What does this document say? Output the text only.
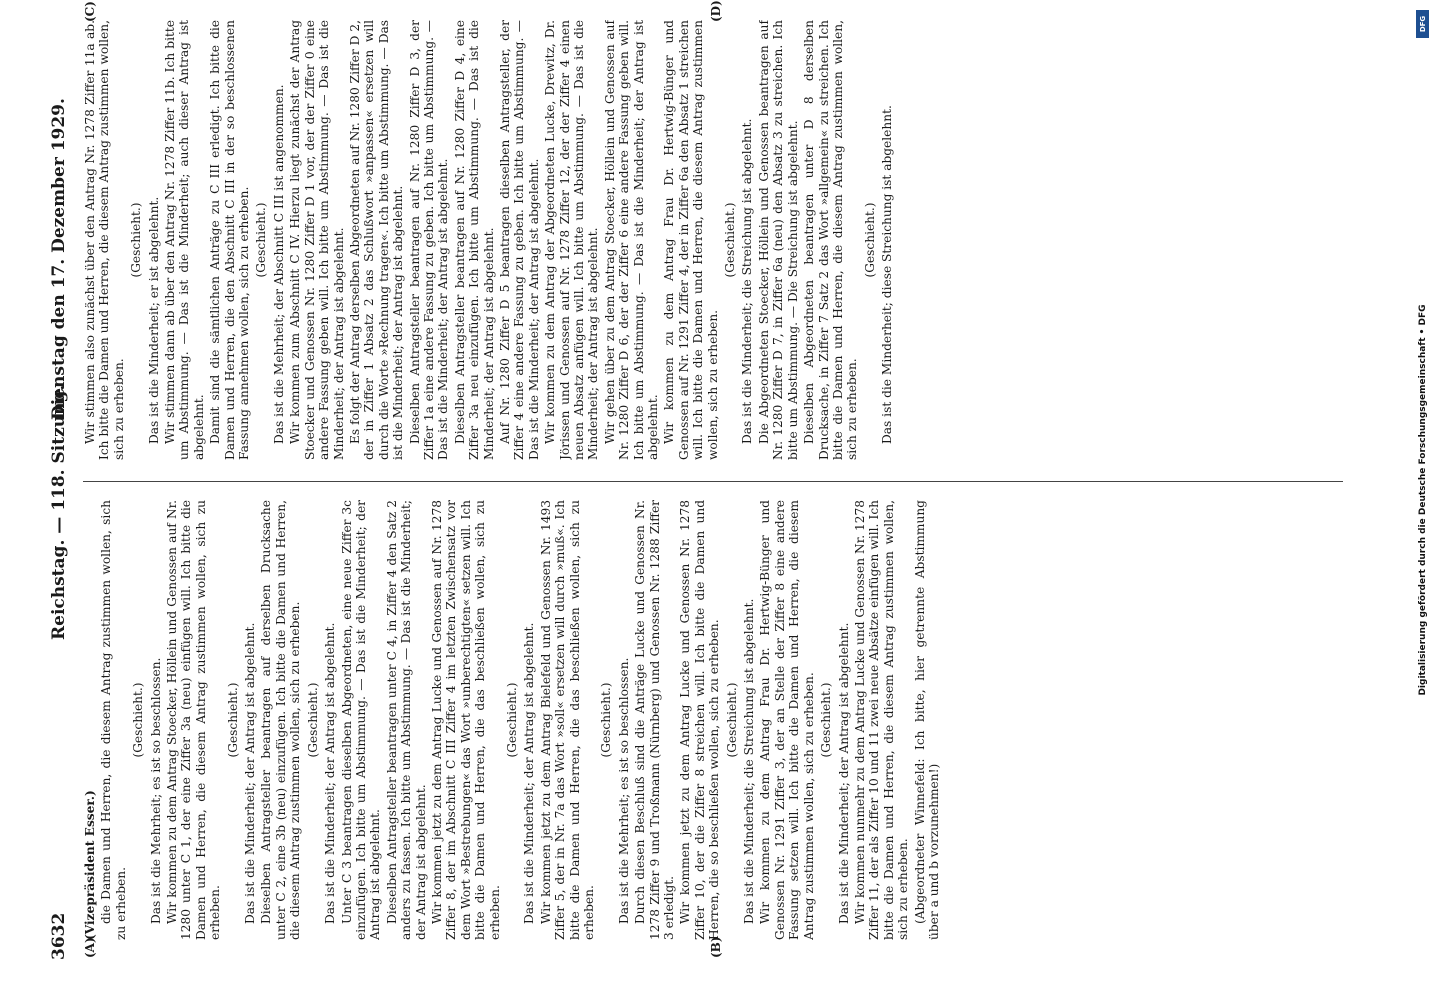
3632
Reichstag. — 118. Sitzung.
Dienstag den 17. Dezember 1929.

(Vizepräsident Esser.) die Damen und Herren, die diesem Antrag zustimmen wollen, sich zu erheben.

(Geschieht.) Das ist die Mehrheit; es ist so beschlossen. Wir kommen zu dem Antrag Stoecker, Höllein und Genossen auf Nr. 1280 unter C 1, der eine Ziffer 3a (neu) einfügen will. Ich bitte die Damen und Herren, die diesem Antrag zustimmen wollen, sich zu erheben.

(Geschieht.) Das ist die Minderheit; der Antrag ist abgelehnt. Dieselben Antragsteller beantragen auf derselben Drucksache unter C 2, eine 3b (neu) einzufügen. Ich bitte die Damen und Herren, die diesem Antrag zustimmen wollen, sich zu erheben. (Geschieht.) Das ist die Minderheit; der Antrag ist abgelehnt. Unter C 3 beantragen dieselben Abgeordneten, eine neue Ziffer 3c einzufügen. Ich bitte um Abstimmung. — Das ist die Minderheit; der Antrag ist abgelehnt. Dieselben Antragsteller beantragen unter C 4, in Ziffer 4 den Satz 2 anders zu fassen. Ich bitte um Abstimmung. — Das ist die Minderheit; der Antrag ist abgelehnt. Wir kommen jetzt zu dem Antrag Lucke und Genossen auf Nr. 1278 Ziffer 8, der im Abschnitt C III Ziffer 4 im letzten Zwischensatz vor dem Wort »Bestrebungen« das Wort »unberechtigten« setzen will. Ich bitte die Damen und Herren, die das beschließen wollen, sich zu erheben.

(Geschieht.) Das ist die Minderheit; der Antrag ist abgelehnt. Wir kommen jetzt zu dem Antrag Bielefeld und Genossen Nr. 1493 Ziffer 5, der in Nr. 7a das Wort »soll« ersetzen will durch »muß«. Ich bitte die Damen und Herren, die das beschließen wollen, sich zu erheben.

(Geschieht.) Das ist die Mehrheit; es ist so beschlossen. Durch diesen Beschluß sind die Anträge Lucke und Genossen Nr. 1278 Ziffer 9 und Troßmann (Nürnberg) und Genossen Nr. 1288 Ziffer 3 erledigt. Wir kommen jetzt zu dem Antrag Lucke und Genossen Nr. 1278 Ziffer 10, der die Ziffer 8 streichen will. Ich bitte die Damen und Herren, die so beschließen wollen, sich zu erheben. (Geschieht.) Das ist die Minderheit; die Streichung ist abgelehnt. Wir kommen zu dem Antrag Frau Dr. Hertwig-Bünger und Genossen Nr. 1291 Ziffer 3, der an Stelle der Ziffer 8 eine andere Fassung setzen will. Ich bitte die Damen und Herren, die diesem Antrag zustimmen wollen, sich zu erheben. (Geschieht.) Das ist die Minderheit; der Antrag ist abgelehnt. Wir kommen nunmehr zu dem Antrag Lucke und Genossen Nr. 1278 Ziffer 11, der als Ziffer 10 und 11 zwei neue Absätze einfügen will. Ich bitte die Damen und Herren, die diesem Antrag zustimmen wollen, sich zu erheben. (Abgeordneter Winnefeld: Ich bitte, hier getrennte Abstimmung über a und b vorzunehmen!)

Wir stimmen also zunächst über den Antrag Nr. 1278 Ziffer 11a ab. Ich bitte die Damen und Herren, die diesem Antrag zustimmen wollen, sich zu erheben.

(Geschieht.) Das ist die Minderheit; er ist abgelehnt. Wir stimmen dann ab über den Antrag Nr. 1278 Ziffer 11b. Ich bitte um Abstimmung. — Das ist die Minderheit; auch dieser Antrag ist abgelehnt. Damit sind die sämtlichen Anträge zu C III erledigt. Ich bitte die Damen und Herren, die den Abschnitt C III in der so beschlossenen Fassung annehmen wollen, sich zu erheben. (Geschieht.) Das ist die Mehrheit; der Abschnitt C III ist angenommen. Wir kommen zum Abschnitt C IV. Hierzu liegt zunächst der Antrag Stoecker und Genossen Nr. 1280 Ziffer D 1 vor, der der Ziffer 0 eine andere Fassung geben will. Ich bitte um Abstimmung. — Das ist die Minderheit; der Antrag ist abgelehnt. Es folgt der Antrag derselben Abgeordneten auf Nr. 1280 Ziffer D 2, der in Ziffer 1 Absatz 2 das Schlußwort »anpassen« ersetzen will durch die Worte »Rechnung tragen«. Ich bitte um Abstimmung. — Das ist die Minderheit; der Antrag ist abgelehnt. Dieselben Antragsteller beantragen auf Nr. 1280 Ziffer D 3, der Ziffer 1a eine andere Fassung zu geben. Ich bitte um Abstimmung. — Das ist die Minderheit; der Antrag ist abgelehnt. Dieselben Antragsteller beantragen auf Nr. 1280 Ziffer D 4, eine Ziffer 3a neu einzufügen. Ich bitte um Abstimmung. — Das ist die Minderheit; der Antrag ist abgelehnt. Auf Nr. 1280 Ziffer D 5 beantragen dieselben Antragsteller, der Ziffer 4 eine andere Fassung zu geben. Ich bitte um Abstimmung. — Das ist die Minderheit; der Antrag ist abgelehnt. Wir kommen zu dem Antrag der Abgeordneten Lucke, Drewitz, Dr. Jörissen und Genossen auf Nr. 1278 Ziffer 12, der der Ziffer 4 einen neuen Absatz anfügen will. Ich bitte um Abstimmung. — Das ist die Minderheit; der Antrag ist abgelehnt. Wir gehen über zu dem Antrag Stoecker, Höllein und Genossen auf Nr. 1280 Ziffer D 6, der der Ziffer 6 eine andere Fassung geben will. Ich bitte um Abstimmung. — Das ist die Minderheit; der Antrag ist abgelehnt. Wir kommen zu dem Antrag Frau Dr. Hertwig-Bünger und Genossen auf Nr. 1291 Ziffer 4, der in Ziffer 6a den Absatz 1 streichen will. Ich bitte die Damen und Herren, die diesem Antrag zustimmen wollen, sich zu erheben.

(Geschieht.) Das ist die Minderheit; die Streichung ist abgelehnt. Die Abgeordneten Stoecker, Höllein und Genossen beantragen auf Nr. 1280 Ziffer D 7, in Ziffer 6a (neu) den Absatz 3 zu streichen. Ich bitte um Abstimmung. — Die Streichung ist abgelehnt. Dieselben Abgeordneten beantragen unter D 8 derselben Drucksache, in Ziffer 7 Satz 2 das Wort »allgemein« zu streichen. Ich bitte die Damen und Herren, die diesem Antrag zustimmen wollen, sich zu erheben.

(Geschieht.) Das ist die Minderheit; diese Streichung ist abgelehnt.

(A)	(B)
(C)	(D)
DFG
Digitalisierung gefördert durch die Deutsche Forschungsgemeinschaft • DFG
